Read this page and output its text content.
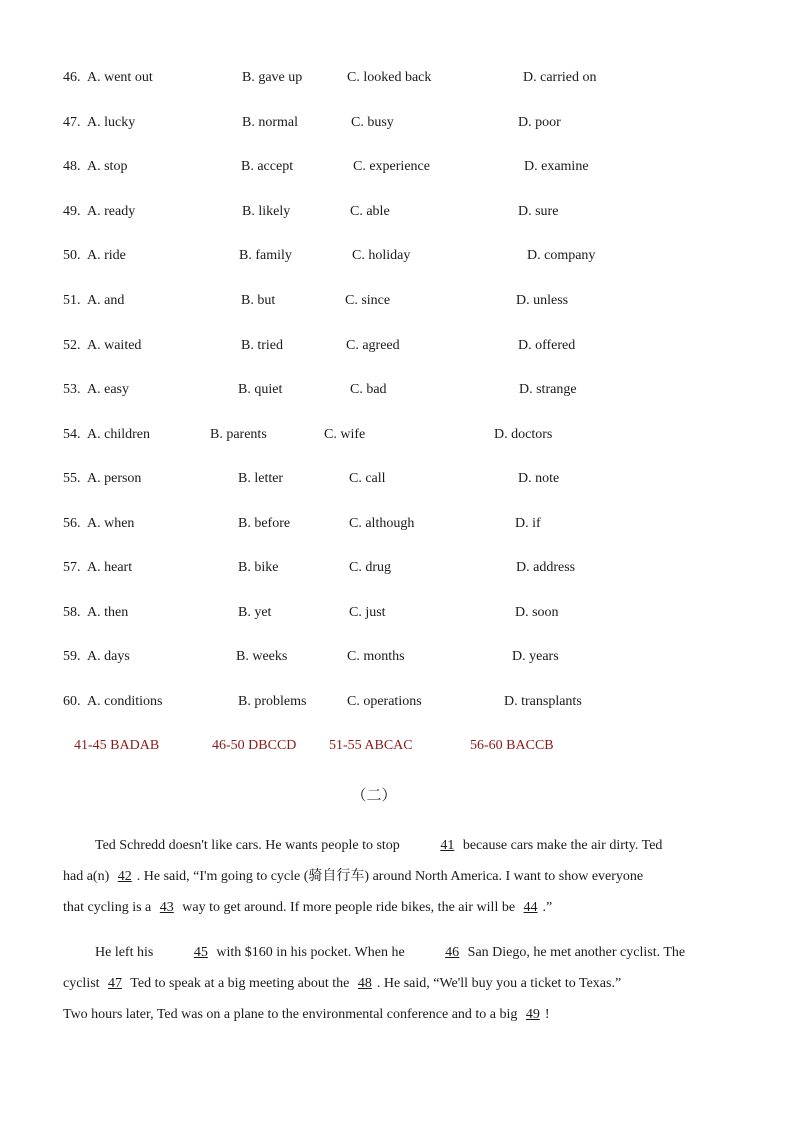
46. A. went out	B. gave up	C. looked back	D. carried on
47. A. lucky	B. normal	C. busy	D. poor
48. A. stop	B. accept	C. experience	D. examine
49. A. ready	B. likely	C. able	D. sure
50. A. ride	B. family	C. holiday	D. company
51. A. and	B. but	C. since	D. unless
52. A. waited	B. tried	C. agreed	D. offered
53. A. easy	B. quiet	C. bad	D. strange
54. A. children	B. parents	C. wife	D. doctors
55. A. person	B. letter	C. call	D. note
56. A. when	B. before	C. although	D. if
57. A. heart	B. bike	C. drug	D. address
58. A. then	B. yet	C. just	D. soon
59. A. days	B. weeks	C. months	D. years
60. A. conditions	B. problems	C. operations	D. transplants
41-45 BADAB	46-50 DBCCD 51-55 ABCAC	56-60 BACCB
（二）
Ted Schredd doesn't like cars. He wants people to stop	41 because cars make the air dirty. Ted
had a(n) 42 . He said, “I'm going to cycle (骑自行车) around North America. I want to show everyone
that cycling is a 43 way to get around. If more people ride bikes, the air will be 44 .”
He left his	45 with $160 in his pocket. When he	46 San Diego, he met another cyclist. The
cyclist 47 Ted to speak at a big meeting about the 48 . He said, “We'll buy you a ticket to Texas.”
Two hours later, Ted was on a plane to the environmental conference and to a big 49 !
